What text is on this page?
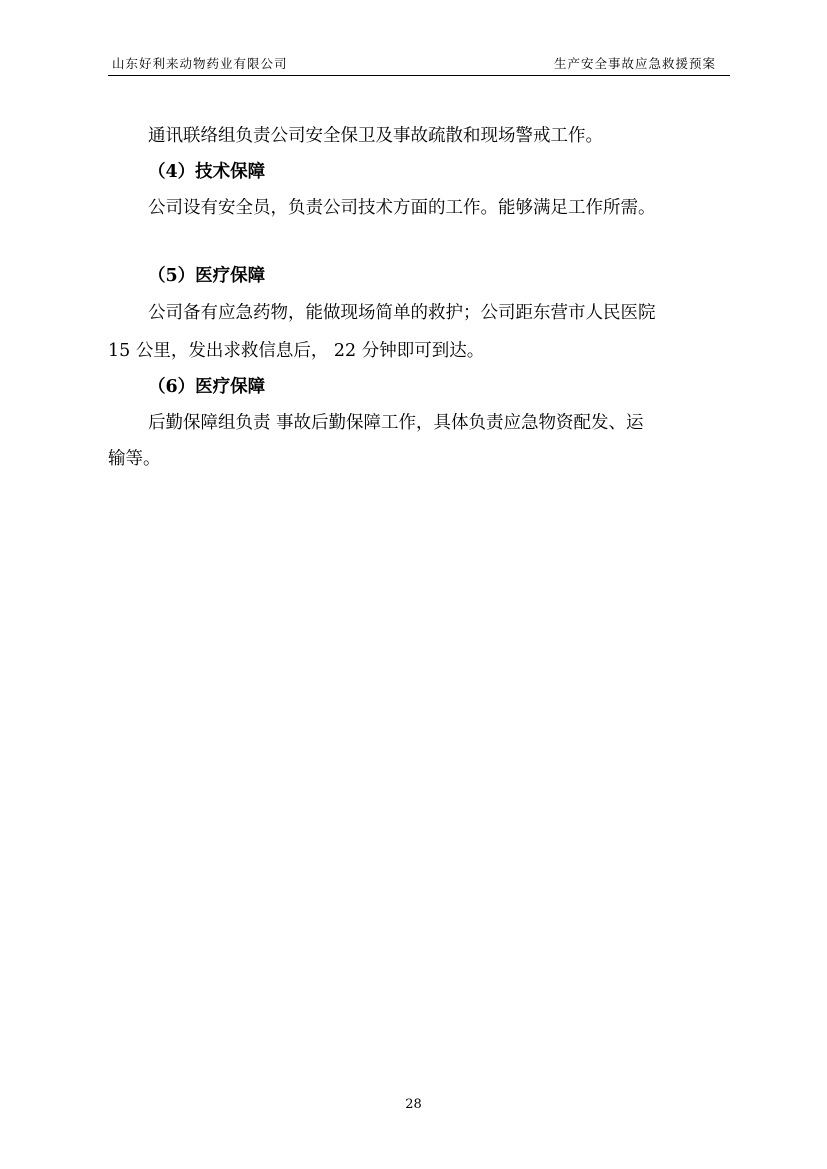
山东好利来动物药业有限公司	生产安全事故应急救援预案
通讯联络组负责公司安全保卫及事故疏散和现场警戒工作。
（4）技术保障
公司设有安全员，负责公司技术方面的工作。能够满足工作所需。
（5）医疗保障
公司备有应急药物，能做现场简单的救护；公司距东营市人民医院
15 公里，发出求救信息后， 22 分钟即可到达。
（6）医疗保障
后勤保障组负责 事故后勤保障工作，具体负责应急物资配发、运
输等。
28
